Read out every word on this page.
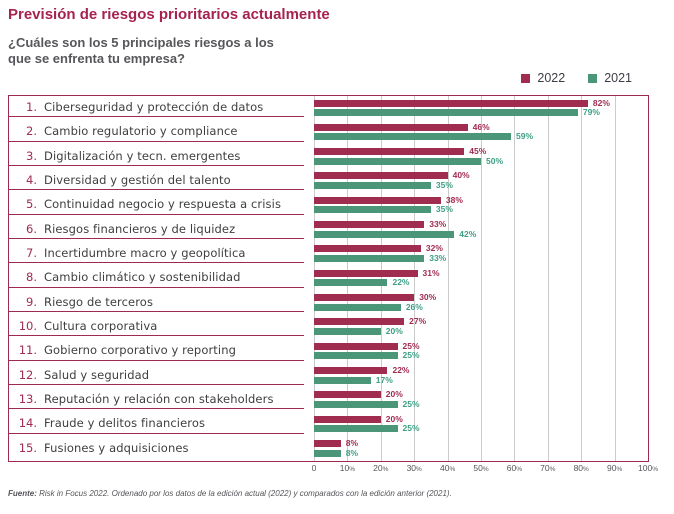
Previsión de riesgos prioritarios actualmente
¿Cuáles son los 5 principales riesgos a los
que se enfrenta tu empresa?
2022	2021
1. Ciberseguridad y protección de datos
2. Cambio regulatorio y compliance
3. Digitalización y tecn. emergentes
4. Diversidad y gestión del talento
5. Continuidad negocio y respuesta a crisis
6. Riesgos financieros y de liquidez
7. Incertidumbre macro y geopolítica
8. Cambio climático y sostenibilidad
9. Riesgo de terceros
10. Cultura corporativa
11. Gobierno corporativo y reporting
12. Salud y seguridad
13. Reputación y relación con stakeholders
14. Fraude y delitos financieros
15. Fusiones y adquisiciones
82%
79%
46%
59%
45%
50%
40%
35%
38%
35%
33%
42%
32%
33%
31%
22%
30%
26%
27%
20%
25%
25%
22%
17%
20%
25%
20%
25%
8%
8%
0	10% 20% 30% 40% 50% 60% 70% 80% 90% 100%
Fuente: Risk in Focus 2022. Ordenado por los datos de la edición actual (2022) y comparados con la edición anterior (2021).
